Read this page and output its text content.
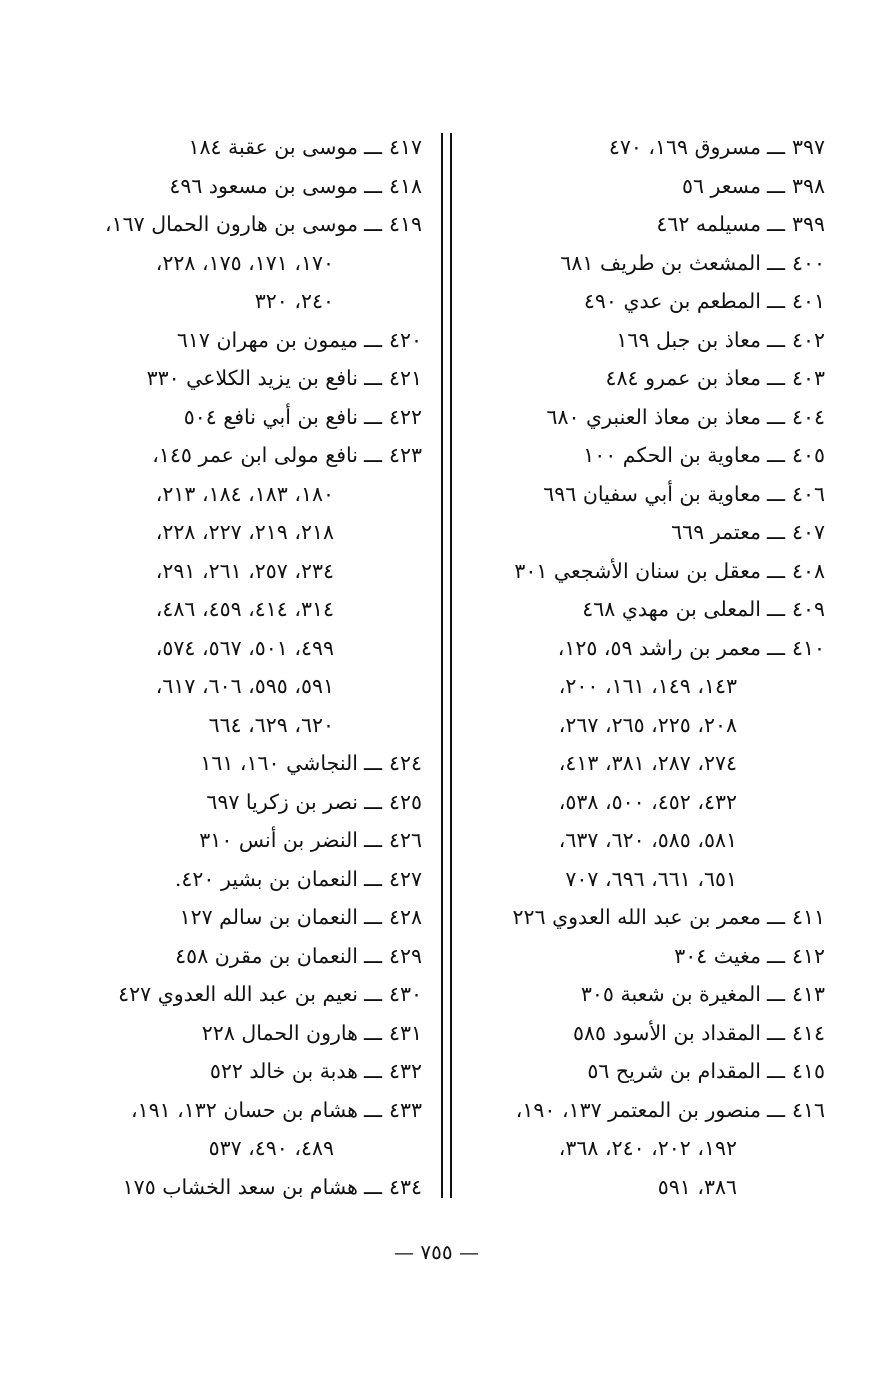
٣٩٧ـــمسروق ١٦٩، ٤٧٠
٣٩٨ـــمسعر ٥٦
٣٩٩ـــمسيلمه ٤٦٢
٤٠٠ـــالمشعث بن طريف ٦٨١
٤٠١ـــالمطعم بن عدي ٤٩٠
٤٠٢ـــمعاذ بن جبل ١٦٩
٤٠٣ـــمعاذ بن عمرو ٤٨٤
٤٠٤ـــمعاذ بن معاذ العنبري ٦٨٠
٤٠٥ـــمعاوية بن الحكم ١٠٠
٤٠٦ـــمعاوية بن أبي سفيان ٦٩٦
٤٠٧ـــمعتمر ٦٦٩
٤٠٨ـــمعقل بن سنان الأشجعي ٣٠١
٤٠٩ـــالمعلى بن مهدي ٤٦٨
٤١٠ـــمعمر بن راشد ٥٩، ١٢٥،
١٤٣، ١٤٩، ١٦١، ٢٠٠،
٢٠٨، ٢٢٥، ٢٦٥، ٢٦٧،
٢٧٤، ٢٨٧، ٣٨١، ٤١٣،
٤٣٢، ٤٥٢، ٥٠٠، ٥٣٨،
٥٨١، ٥٨٥، ٦٢٠، ٦٣٧،
٦٥١، ٦٦١، ٦٩٦، ٧٠٧
٤١١ـــمعمر بن عبد الله العدوي ٢٢٦
٤١٢ـــمغيث ٣٠٤
٤١٣ـــالمغيرة بن شعبة ٣٠٥
٤١٤ـــالمقداد بن الأسود ٥٨٥
٤١٥ـــالمقدام بن شريح ٥٦
٤١٦ـــمنصور بن المعتمر ١٣٧، ١٩٠،
١٩٢، ٢٠٢، ٢٤٠، ٣٦٨،
٣٨٦، ٥٩١
٤١٧ـــموسى بن عقبة ١٨٤
٤١٨ـــموسى بن مسعود ٤٩٦
٤١٩ـــموسى بن هارون الحمال ١٦٧،
١٧٠، ١٧١، ١٧٥، ٢٢٨،
٢٤٠، ٣٢٠
٤٢٠ـــميمون بن مهران ٦١٧
٤٢١ـــنافع بن يزيد الكلاعي ٣٣٠
٤٢٢ـــنافع بن أبي نافع ٥٠٤
٤٢٣ـــنافع مولى ابن عمر ١٤٥،
١٨٠، ١٨٣، ١٨٤، ٢١٣،
٢١٨، ٢١٩، ٢٢٧، ٢٢٨،
٢٣٤، ٢٥٧، ٢٦١، ٢٩١،
٣١٤، ٤١٤، ٤٥٩، ٤٨٦،
٤٩٩، ٥٠١، ٥٦٧، ٥٧٤،
٥٩١، ٥٩٥، ٦٠٦، ٦١٧،
٦٢٠، ٦٢٩، ٦٦٤
٤٢٤ـــالنجاشي ١٦٠، ١٦١
٤٢٥ـــنصر بن زكريا ٦٩٧
٤٢٦ـــالنضر بن أنس ٣١٠
٤٢٧ـــالنعمان بن بشير ٤٢٠.
٤٢٨ـــالنعمان بن سالم ١٢٧
٤٢٩ـــالنعمان بن مقرن ٤٥٨
٤٣٠ـــنعيم بن عبد الله العدوي ٤٢٧
٤٣١ـــهارون الحمال ٢٢٨
٤٣٢ـــهدبة بن خالد ٥٢٢
٤٣٣ـــهشام بن حسان ١٣٢، ١٩١،
٤٨٩، ٤٩٠، ٥٣٧
٤٣٤ـــهشام بن سعد الخشاب ١٧٥
— ٧٥٥ —
